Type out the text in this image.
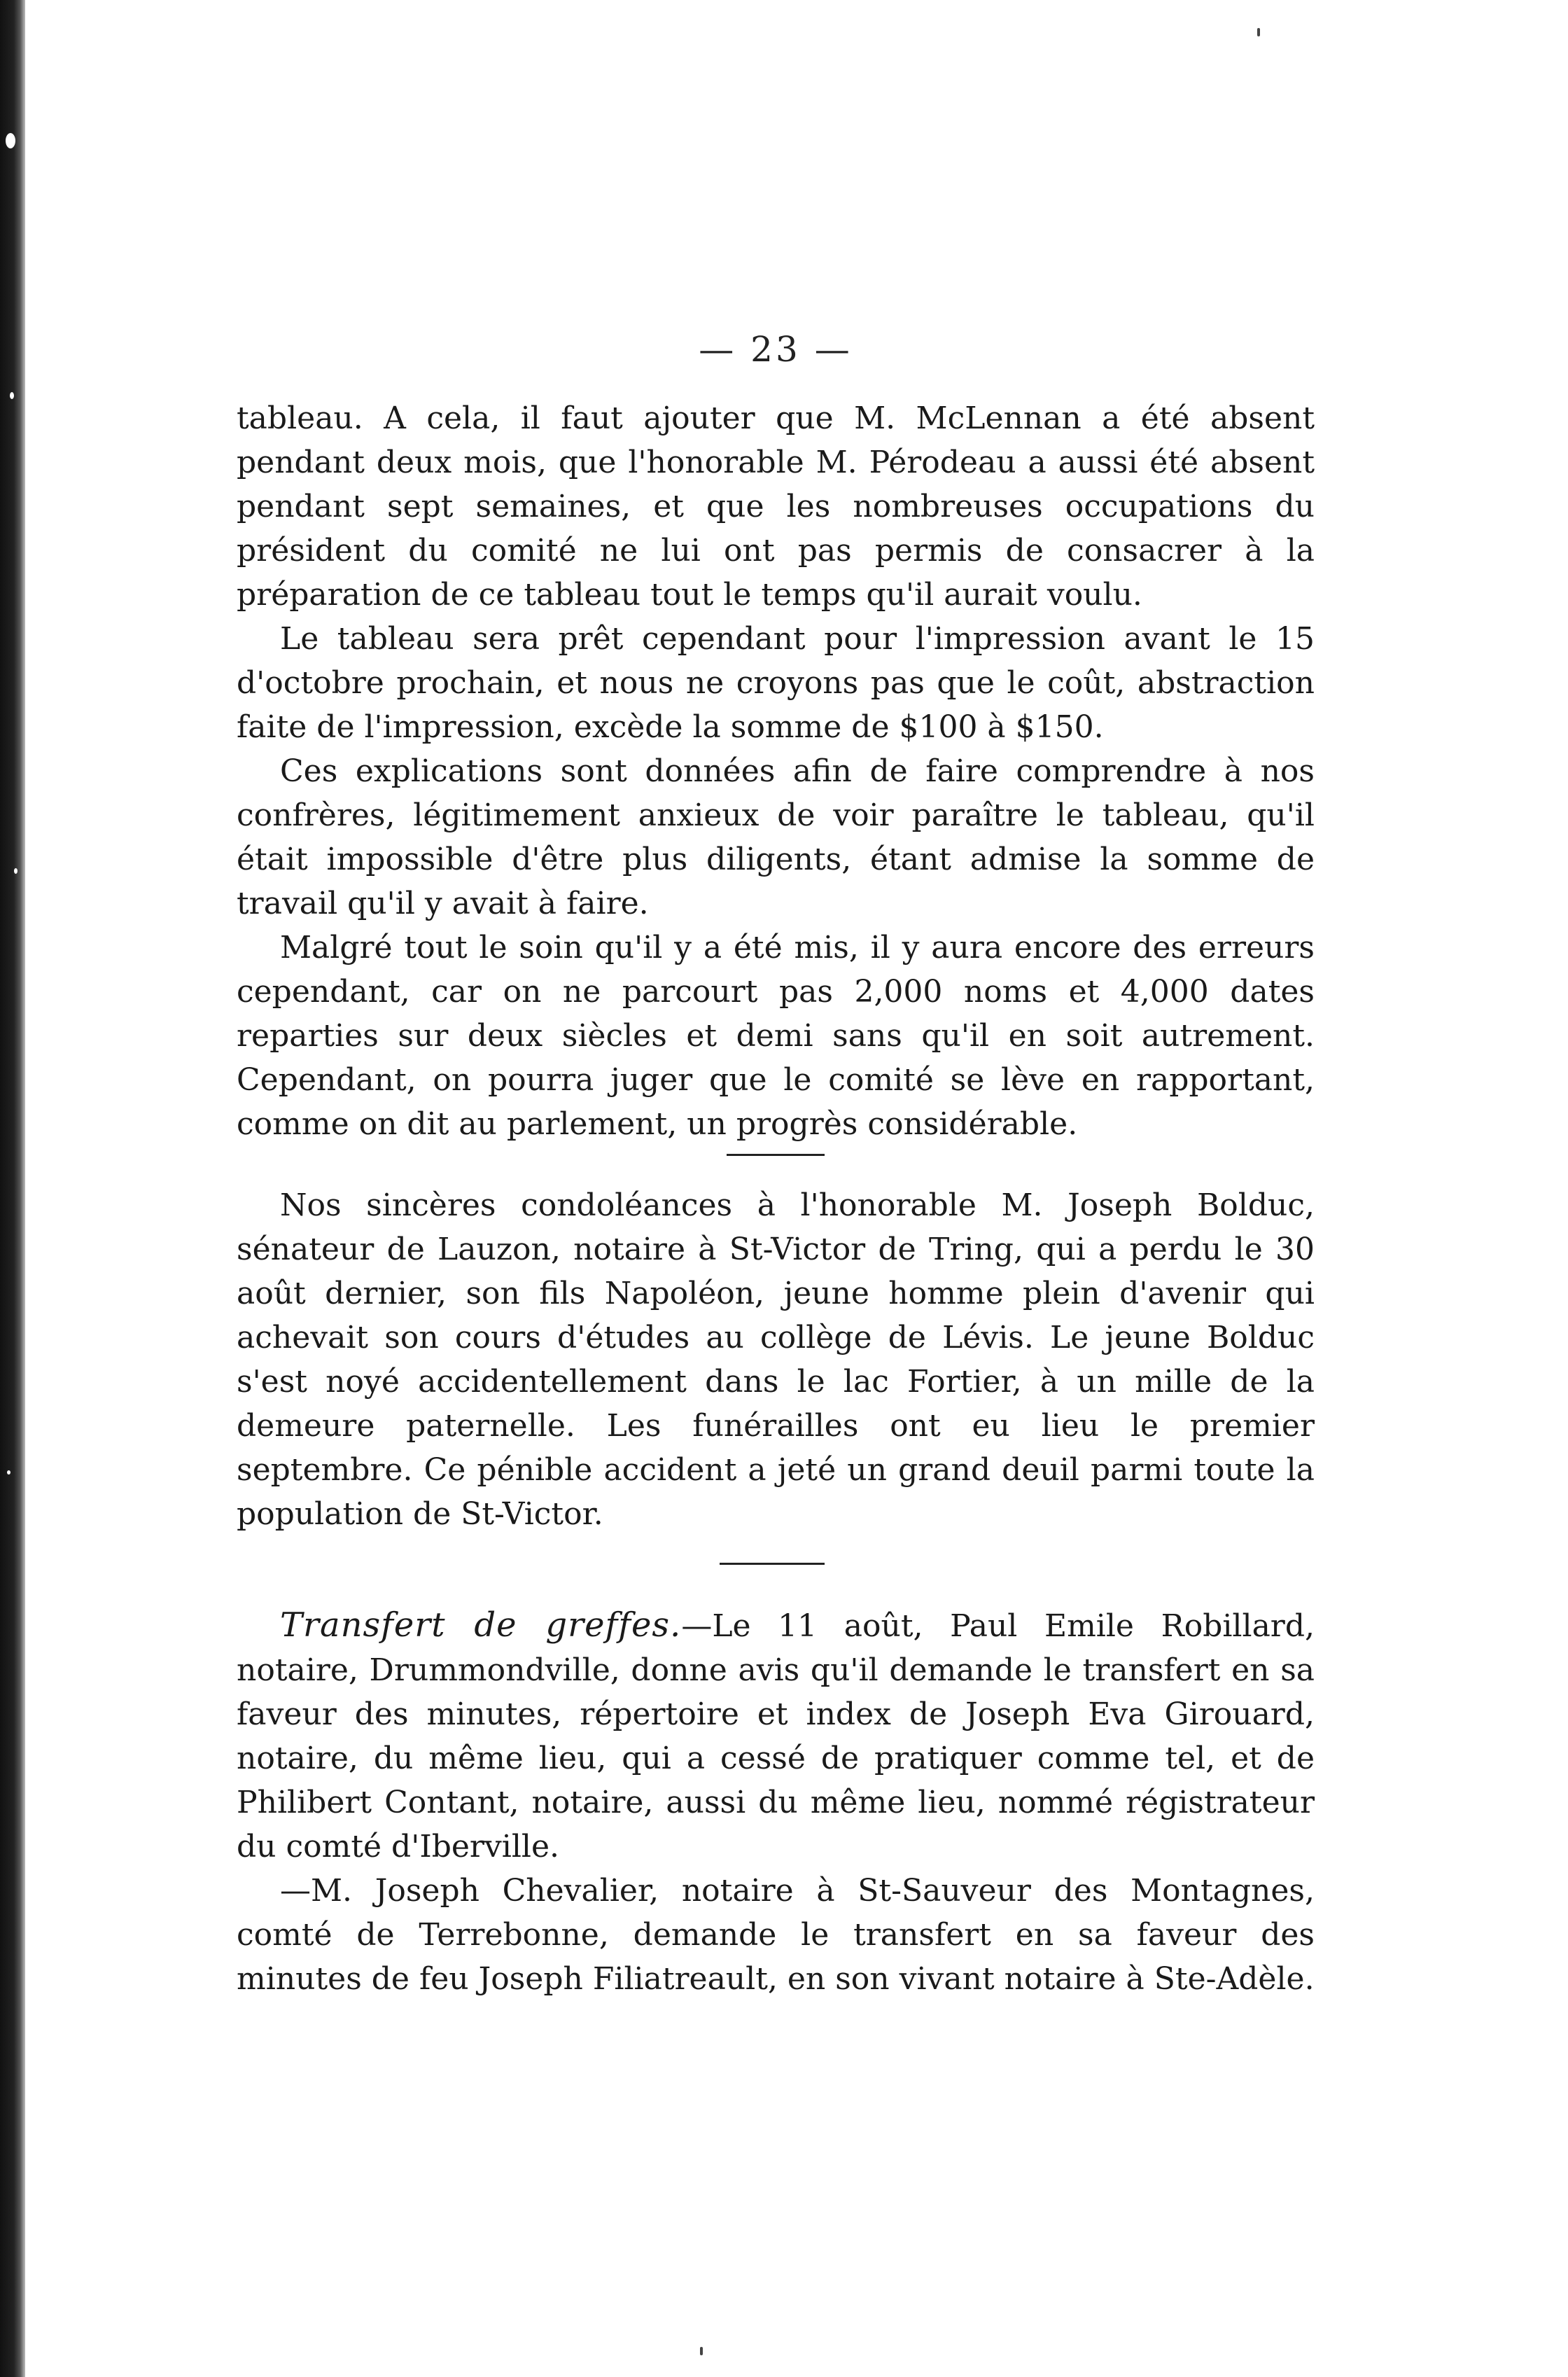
— 23 —

tableau. A cela, il faut ajouter que M. McLennan a été absent pendant deux mois, que l'honorable M. Pérodeau a aussi été absent pendant sept semaines, et que les nombreuses occupations du président du comité ne lui ont pas permis de consacrer à la préparation de ce tableau tout le temps qu'il aurait voulu.

Le tableau sera prêt cependant pour l'impression avant le 15 d'octobre prochain, et nous ne croyons pas que le coût, abstraction faite de l'impression, excède la somme de $100 à $150.

Ces explications sont données afin de faire comprendre à nos confrères, légitimement anxieux de voir paraître le tableau, qu'il était impossible d'être plus diligents, étant admise la somme de travail qu'il y avait à faire.

Malgré tout le soin qu'il y a été mis, il y aura encore des erreurs cependant, car on ne parcourt pas 2,000 noms et 4,000 dates reparties sur deux siècles et demi sans qu'il en soit autrement. Cependant, on pourra juger que le comité se lève en rapportant, comme on dit au parlement, un progrès considérable.

Nos sincères condoléances à l'honorable M. Joseph Bolduc, sénateur de Lauzon, notaire à St-Victor de Tring, qui a perdu le 30 août dernier, son fils Napoléon, jeune homme plein d'avenir qui achevait son cours d'études au collège de Lévis. Le jeune Bolduc s'est noyé accidentellement dans le lac Fortier, à un mille de la demeure paternelle. Les funérailles ont eu lieu le premier septembre. Ce pénible accident a jeté un grand deuil parmi toute la population de St-Victor.

Transfert de greffes.—Le 11 août, Paul Emile Robillard, notaire, Drummondville, donne avis qu'il demande le transfert en sa faveur des minutes, répertoire et index de Joseph Eva Girouard, notaire, du même lieu, qui a cessé de pratiquer comme tel, et de Philibert Contant, notaire, aussi du même lieu, nommé régistrateur du comté d'Iberville.

—M. Joseph Chevalier, notaire à St-Sauveur des Montagnes, comté de Terrebonne, demande le transfert en sa faveur des minutes de feu Joseph Filiatreault, en son vivant notaire à Ste-Adèle.
